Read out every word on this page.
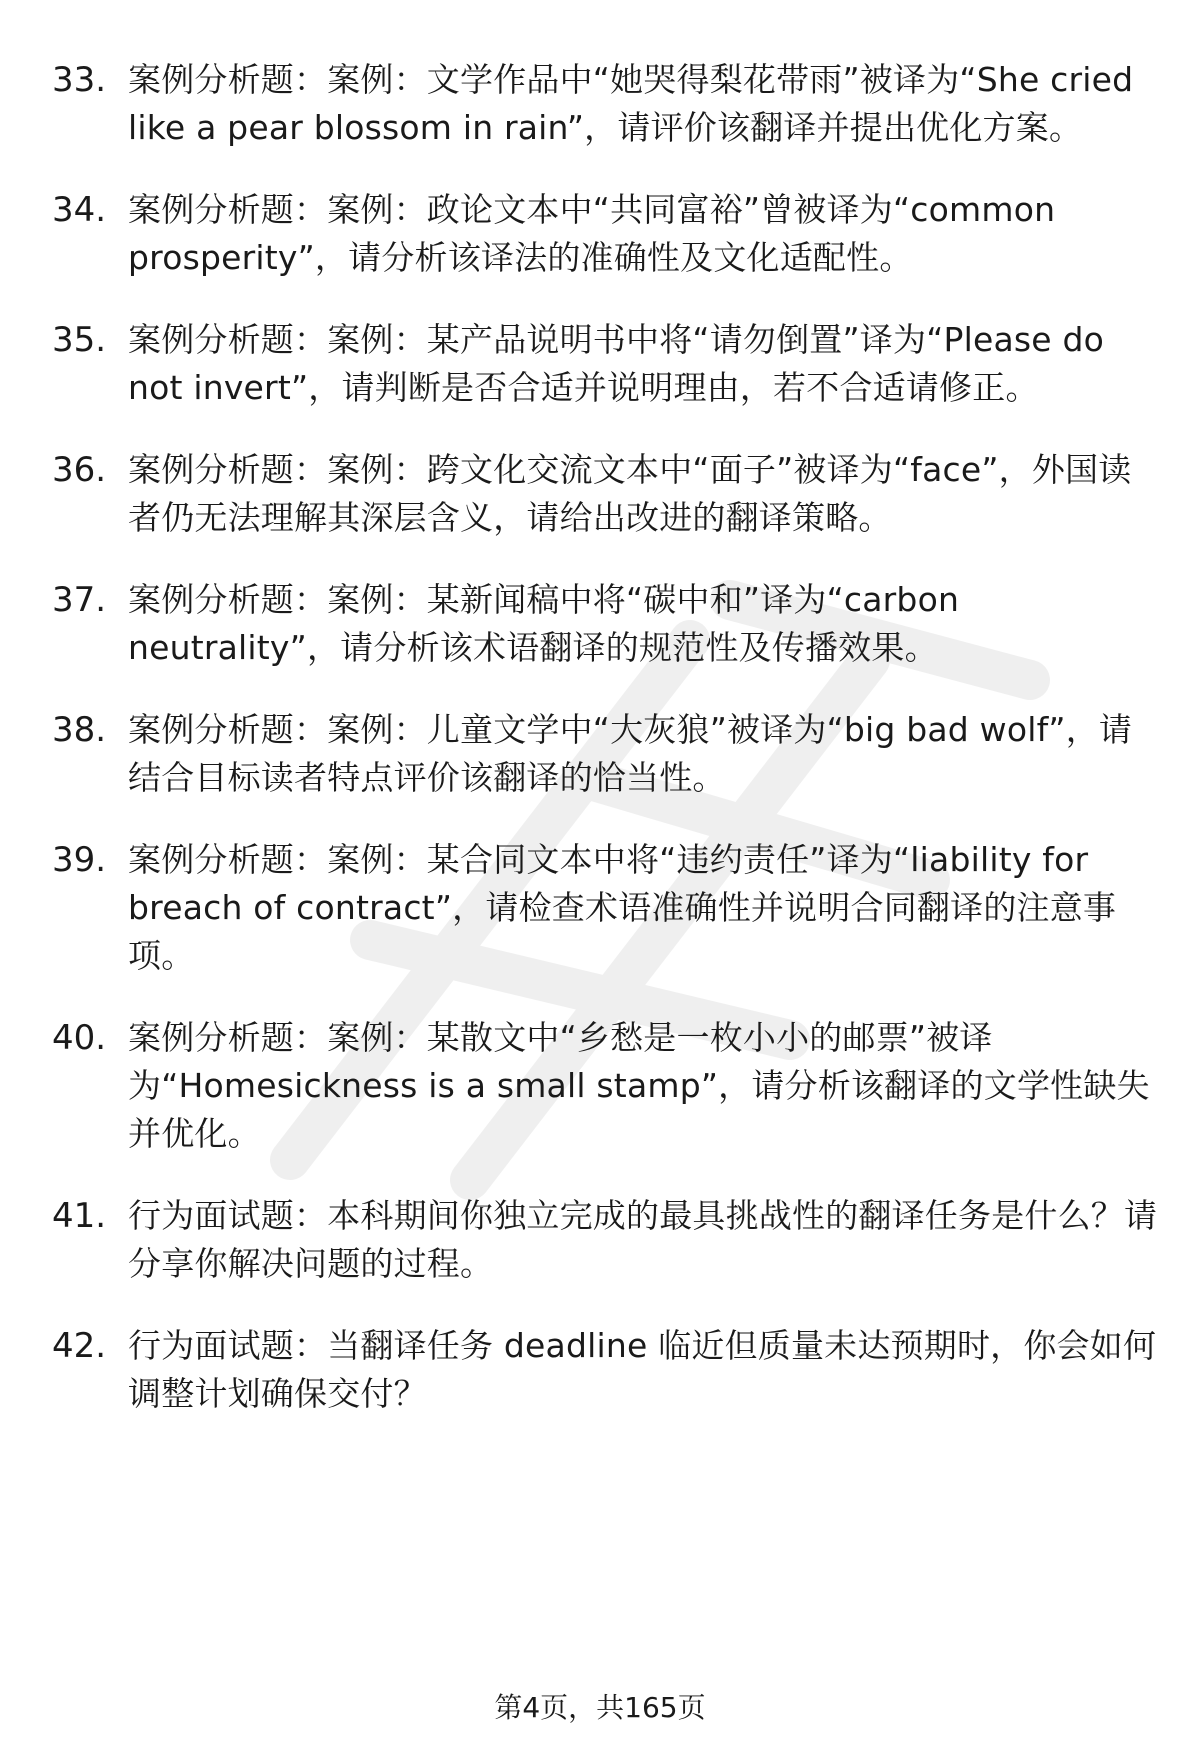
33. 案例分析题：案例：文学作品中“她哭得梨花带雨”被译为“She cried like a pear blossom in rain”，请评价该翻译并提出优化方案。
34. 案例分析题：案例：政论文本中“共同富裕”曾被译为“common prosperity”，请分析该译法的准确性及文化适配性。
35. 案例分析题：案例：某产品说明书中将“请勿倒置”译为“Please do not invert”，请判断是否合适并说明理由，若不合适请修正。
36. 案例分析题：案例：跨文化交流文本中“面子”被译为“face”，外国读者仍无法理解其深层含义，请给出改进的翻译策略。
37. 案例分析题：案例：某新闻稿中将“碳中和”译为“carbon neutrality”，请分析该术语翻译的规范性及传播效果。
38. 案例分析题：案例：儿童文学中“大灰狼”被译为“big bad wolf”，请结合目标读者特点评价该翻译的恰当性。
39. 案例分析题：案例：某合同文本中将“违约责任”译为“liability for breach of contract”，请检查术语准确性并说明合同翻译的注意事项。
40. 案例分析题：案例：某散文中“乡愁是一枚小小的邮票”被译为“Homesickness is a small stamp”，请分析该翻译的文学性缺失并优化。
41. 行为面试题：本科期间你独立完成的最具挑战性的翻译任务是什么？请分享你解决问题的过程。
42. 行为面试题：当翻译任务 deadline 临近但质量未达预期时，你会如何调整计划确保交付？
第4页，共165页
